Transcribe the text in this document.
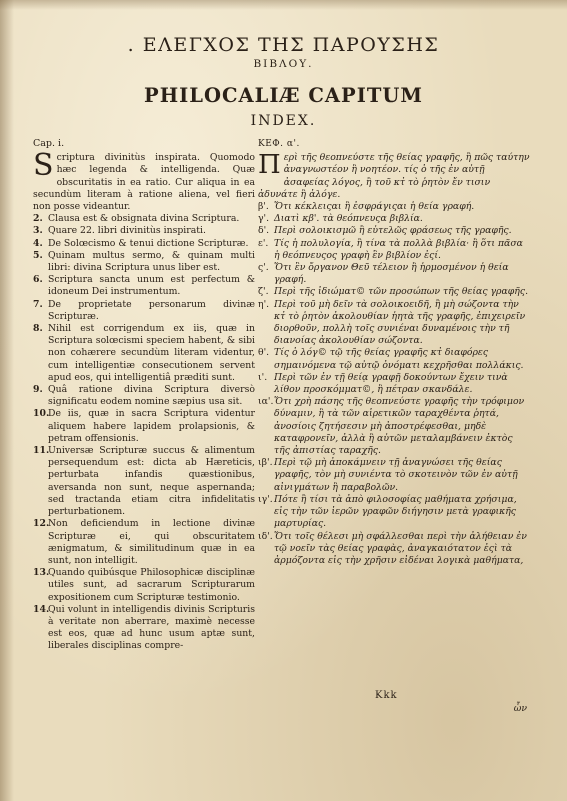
. ΕΛΕΓΧΟΣ ΤΗΣ ΠΑΡΟΥΣΗΣ
ΒΙΒΛΟΥ.
PHILOCALIÆ CAPITUM
INDEX.
Cap. i.
S criptura divinitùs inspirata. Quomodo hæc legenda & intelligenda. Quæ obscuritatis in ea ratio. Cur aliqua in ea secundùm literam à ratione aliena, vel fieri non posse videantur.
2. Clausa est & obsignata divina Scriptura.
3. Quare 22. libri divinitùs inspirati.
4. De Solœcismo & tenui dictione Scripturæ.
5. Quinam multus sermo, & quinam multi libri: divina Scriptura unus liber est.
6. Scriptura sancta unum est perfectum & idoneum Dei instrumentum.
7. De proprietate personarum divinæ Scripturæ.
8. Nihil est corrigendum ex iis, quæ in Scriptura solœcismi speciem habent, & sibi non cohærere secundùm literam videntur, cum intelligentiæ consecutionem servent apud eos, qui intelligentiâ præditi sunt.
9. Quâ ratione divina Scriptura diversò significatu eodem nomine sæpius usa sit.
10.
De iis, quæ in sacra Scriptura videntur aliquem habere lapidem prolapsionis, & petram offensionis.
11.
Universæ Scripturæ succus & alimentum persequendum est: dicta ab Hæreticis, perturbata infandis quæstionibus, aversanda non sunt, neque aspernanda; sed tractanda etiam citra infidelitatis perturbationem.
12.
Non deficiendum in lectione divinæ Scripturæ ei, qui obscuritatem ænigmatum, & similitudinum quæ in ea sunt, non intelligit.
13.
Quando quibúsque Philosophicæ disciplinæ utiles sunt, ad sacrarum Scripturarum expositionem cum Scripturæ testimonio.
14.
Qui volunt in intelligendis divinis Scripturis à veritate non aberrare, maximè necesse est eos, quæ ad hunc usum aptæ sunt, liberales disciplinas compre-
ΚΕΦ. α'.
Π ερὶ τῆς θεοπνεύστε τῆς θείας γραφῆς, ἢ πῶς ταύτην ἀναγνωστέον ἢ νοητέον. τίς ὁ τῆς ἐν αὐτῇ ἀσαφείας λόγος, ἢ τοῦ κτ̓ τὸ ῥητὸν ἔν τισιν ἀδυνάτε ἢ ἀλόγε.
β'. Ὅτι κέκλειςαι ἢ ἐσφράγιςαι ἡ θεία γραφή.
γ'. Διατὶ κβ'. τὰ θεόπνευςα βιβλία.
δ'. Περὶ σολοικισμῶ ἢ εὐτελῶς φράσεως τῆς γραφῆς.
ε'. Τίς ἡ πολυλογία, ἢ τίνα τὰ πολλὰ βιβλία· ἢ ὅτι πᾶσα ἡ θεόπνευςος γραφὴ ἓν βιβλίον ἐςί.
ς'. Ὅτι ἓν ὄργανον Θεῦ τέλειον ἢ ἡρμοσμένον ἡ θεία γραφή.
ζ'. Περὶ τῆς ἰδιώματ© τῶν προσώπων τῆς θείας γραφῆς.
η'. Περὶ τοῦ μὴ δεῖν τὰ σολοικοειδῆ, ἢ μὴ σώζοντα τὴν κτ̓ τὸ ῥητὸν ἀκολουθίαν ἡητὰ τῆς γραφῆς, ἐπιχειρεῖν διορθοῦν, πολλὴ τοῖς συνιέναι δυναμένοις τὴν τῆ διανοίας ἀκολουθίαν σώζοντα.
θ'. Τίς ὁ λόγ© τῷ τῆς θείας γραφῆς κτ̓ διαφόρες σημαινόμενα τῷ αὐτῷ ὀνόματι κεχρῆσθαι πολλάκις.
ι'. Περὶ τῶν ἐν τῇ θείᾳ γραφῇ δοκούντων ἔχειν τινὰ λίθον προσκόμματ©, ἢ πέτραν σκανδάλε.
ια'. Ὅτι χρὴ πάσης τῆς θεοπνεύστε γραφῆς τὴν τρόφιμον δύναμιν, ἢ τὰ τῶν αἱρετικῶν ταραχθέντα ῥητά, ἀνοσίοις ζητήσεσιν μὴ ἀποστρέφεσθαι, μηδὲ καταφρονεῖν, ἀλλὰ ἢ αὐτῶν μεταλαμβάνειν ἐκτὸς τῆς ἀπιστίας ταραχῆς.
ιβ'. Περὶ τῷ μὴ ἀποκάμνειν τῇ ἀναγνώσει τῆς θείας γραφῆς, τὸν μὴ συνιέντα τὸ σκοτεινὸν τῶν ἐν αὐτῇ αἰνιγμάτων ἢ παραβολῶν.
ιγ'. Πότε ἢ τίσι τὰ ἀπὸ φιλοσοφίας μαθήματα χρήσιμα, εἰς τὴν τῶν ἱερῶν γραφῶν διήγησιν μετὰ γραφικῆς μαρτυρίας.
ιδ'. Ὅτι τοῖς θέλεσι μὴ σφάλλεσθαι περὶ τὴν ἀλήθειαν ἐν τῷ νοεῖν τὰς θείας γραφὰς, ἀναγκαιότατον ἐςὶ τὰ ἁρμόζοντα εἰς τὴν χρῆσιν εἰδέναι λογικὰ μαθήματα,
Kkk
ὧν
